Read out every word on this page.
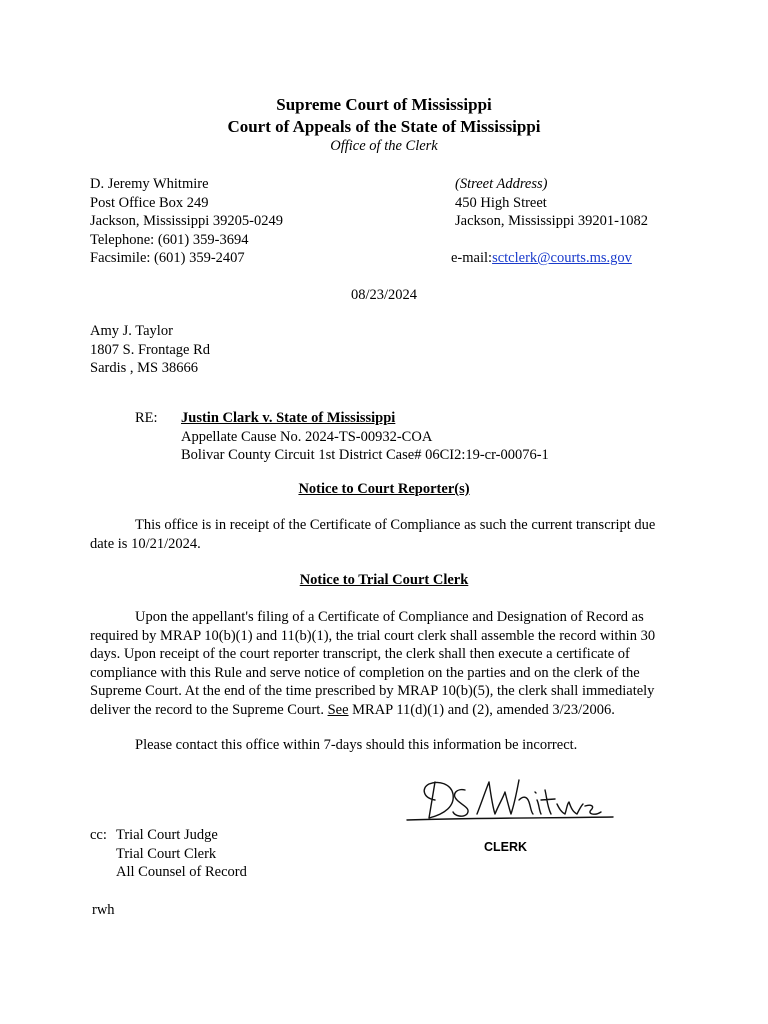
Supreme Court of Mississippi
Court of Appeals of the State of Mississippi
Office of the Clerk
D. Jeremy Whitmire
Post Office Box 249
Jackson, Mississippi 39205-0249
Telephone: (601) 359-3694
Facsimile: (601) 359-2407
(Street Address)
450 High Street
Jackson, Mississippi 39201-1082

e-mail:sctclerk@courts.ms.gov
08/23/2024
Amy J. Taylor
1807 S. Frontage Rd
Sardis , MS 38666
RE: Justin Clark v. State of Mississippi
Appellate Cause No. 2024-TS-00932-COA
Bolivar County Circuit 1st District Case# 06CI2:19-cr-00076-1
Notice to Court Reporter(s)
This office is in receipt of the Certificate of Compliance as such the current transcript due
date is 10/21/2024.
Notice to Trial Court Clerk
Upon the appellant's filing of a Certificate of Compliance and Designation of Record as
required by MRAP 10(b)(1) and 11(b)(1), the trial court clerk shall assemble the record within 30
days. Upon receipt of the court reporter transcript, the clerk shall then execute a certificate of
compliance with this Rule and serve notice of completion on the parties and on the clerk of the
Supreme Court. At the end of the time prescribed by MRAP 10(b)(5), the clerk shall immediately
deliver the record to the Supreme Court. See MRAP 11(d)(1) and (2), amended 3/23/2006.
Please contact this office within 7-days should this information be incorrect.
CLERK
cc: Trial Court Judge
Trial Court Clerk
All Counsel of Record
rwh
